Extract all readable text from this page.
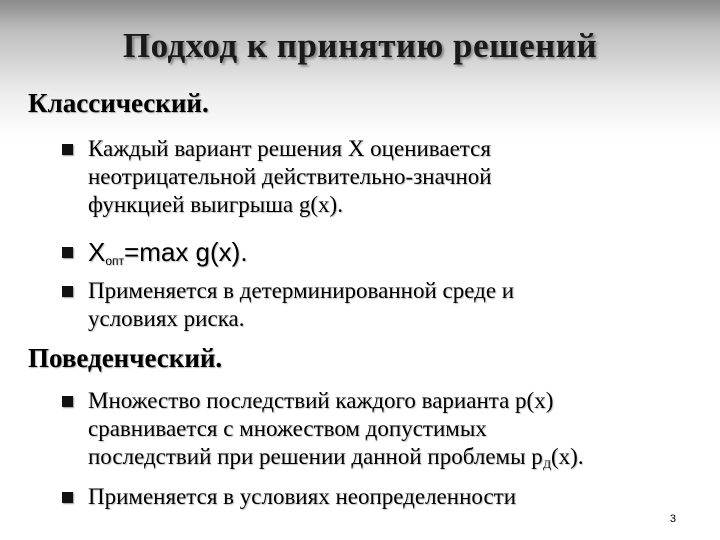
Подход к принятию решений
Классический.
Каждый вариант решения X оценивается
неотрицательной действительно-значной
функцией выигрыша g(x).
$X_{опт}=\max$ g(x).
Применяется в детерминированной среде и
условиях риска.
Поведенческий.
Множество последствий каждого варианта p(x)
сравнивается с множеством допустимых
последствий при решении данной проблемы $p_Д(x)$.
Применяется в условиях неопределенности
3
